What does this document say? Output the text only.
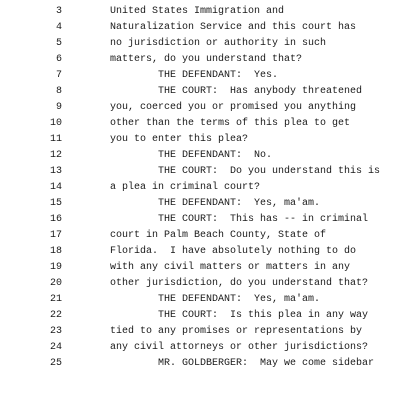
3	United States Immigration and
4	Naturalization Service and this court has
5	no jurisdiction or authority in such
6	matters, do you understand that?
7	THE DEFENDANT:  Yes.
8	THE COURT:  Has anybody threatened
9	you, coerced you or promised you anything
10	other than the terms of this plea to get
11	you to enter this plea?
12	THE DEFENDANT:  No.
13	THE COURT:  Do you understand this is
14	a plea in criminal court?
15	THE DEFENDANT:  Yes, ma'am.
16	THE COURT:  This has -- in criminal
17	court in Palm Beach County, State of
18	Florida.  I have absolutely nothing to do
19	with any civil matters or matters in any
20	other jurisdiction, do you understand that?
21	THE DEFENDANT:  Yes, ma'am.
22	THE COURT:  Is this plea in any way
23	tied to any promises or representations by
24	any civil attorneys or other jurisdictions?
25	MR. GOLDBERGER:  May we come sidebar
